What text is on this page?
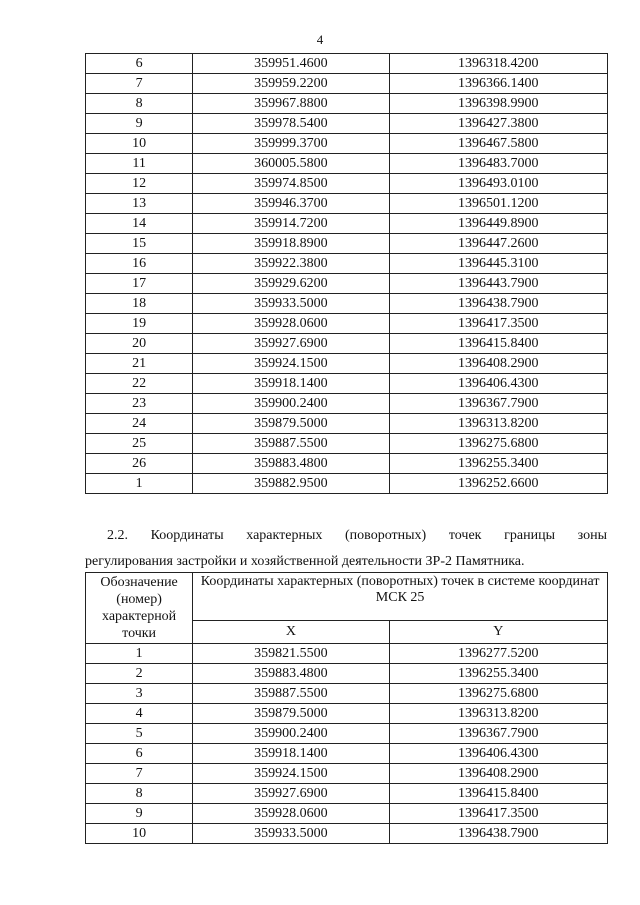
4
6	359951.4600	1396318.4200
7	359959.2200	1396366.1400
8	359967.8800	1396398.9900
9	359978.5400	1396427.3800
10	359999.3700	1396467.5800
11	360005.5800	1396483.7000
12	359974.8500	1396493.0100
13	359946.3700	1396501.1200
14	359914.7200	1396449.8900
15	359918.8900	1396447.2600
16	359922.3800	1396445.3100
17	359929.6200	1396443.7900
18	359933.5000	1396438.7900
19	359928.0600	1396417.3500
20	359927.6900	1396415.8400
21	359924.1500	1396408.2900
22	359918.1400	1396406.4300
23	359900.2400	1396367.7900
24	359879.5000	1396313.8200
25	359887.5500	1396275.6800
26	359883.4800	1396255.3400
1	359882.9500	1396252.6600
2.2. Координаты характерных (поворотных) точек границы зоны
регулирования застройки и хозяйственной деятельности ЗР-2 Памятника.
Обозначение (номер) характерной точки	Координаты характерных (поворотных) точек в системе координат МСК 25	
	X	Y
1	359821.5500	1396277.5200
2	359883.4800	1396255.3400
3	359887.5500	1396275.6800
4	359879.5000	1396313.8200
5	359900.2400	1396367.7900
6	359918.1400	1396406.4300
7	359924.1500	1396408.2900
8	359927.6900	1396415.8400
9	359928.0600	1396417.3500
10	359933.5000	1396438.7900
